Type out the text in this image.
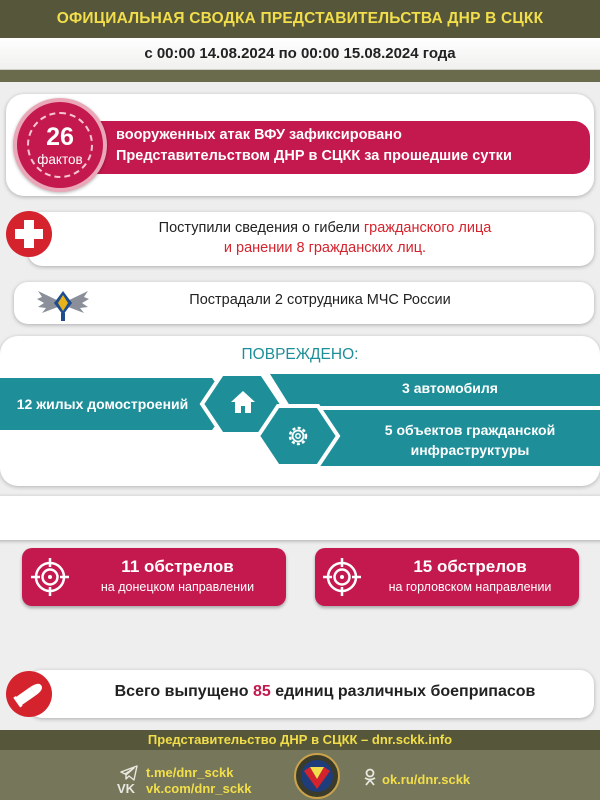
ОФИЦИАЛЬНАЯ СВОДКА ПРЕДСТАВИТЕЛЬСТВА ДНР В СЦКК
с 00:00 14.08.2024 по 00:00 15.08.2024 года
вооруженных атак ВФУ зафиксировано
Представительством ДНР в СЦКК за прошедшие сутки
26
фактов
Поступили сведения о гибели гражданского лица
и ранении 8 гражданских лиц.
Пострадали 2 сотрудника МЧС России
ПОВРЕЖДЕНО:
12 жилых домостроений
3 автомобиля
5 объектов гражданской инфраструктуры
11 обстрелов
на донецком направлении
15 обстрелов
на горловском направлении
Всего выпущено 85 единиц различных боеприпасов
Представительство ДНР в СЦКК – dnr.sckk.info
t.me/dnr_sckk
VK vk.com/dnr_sckk
ok.ru/dnr.sckk
